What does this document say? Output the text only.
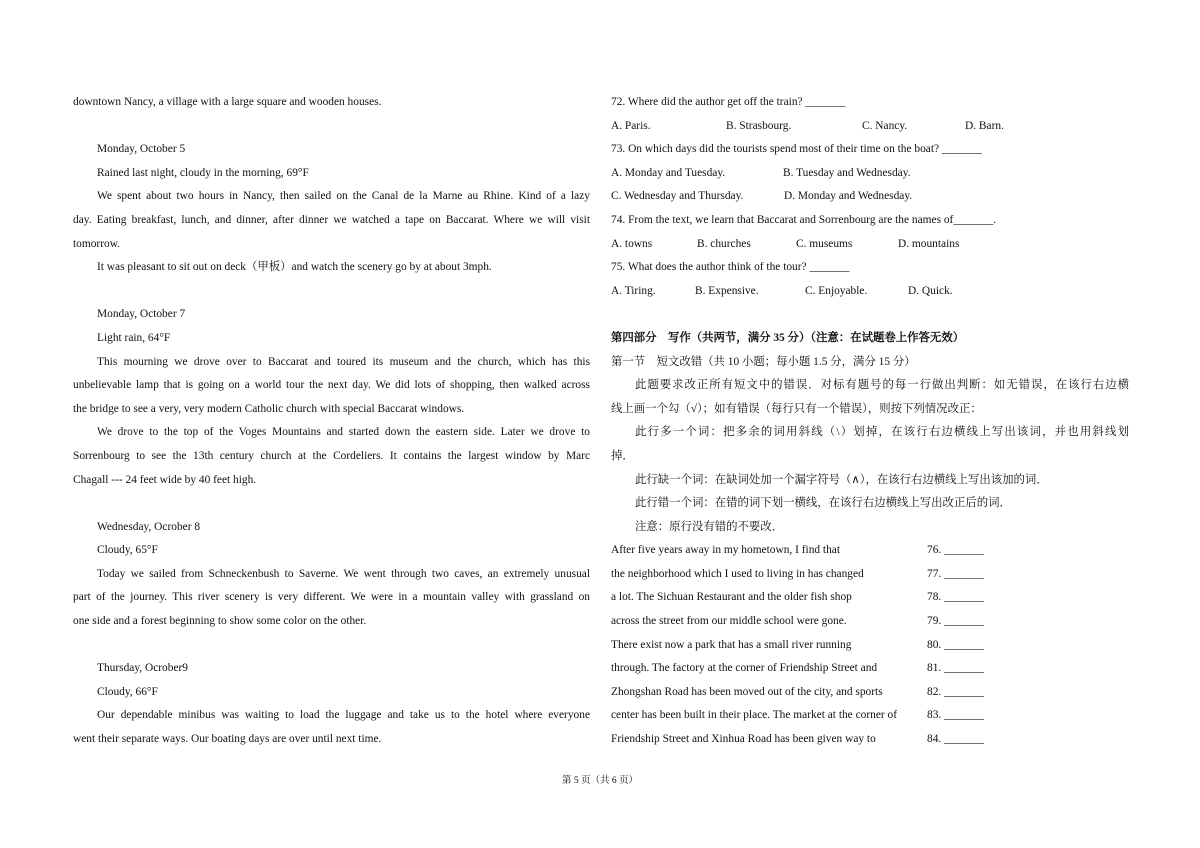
downtown Nancy, a village with a large square and wooden houses.
Monday, October 5
Rained last night, cloudy in the morning, 69°F
We spent about two hours in Nancy, then sailed on the Canal de la Marne au Rhine. Kind of a lazy
day. Eating breakfast, lunch, and dinner, after dinner we watched a tape on Baccarat. Where we will visit
tomorrow.
It was pleasant to sit out on deck（甲板）and watch the scenery go by at about 3mph.
Monday, October 7
Light rain, 64°F
This mourning we drove over to Baccarat and toured its museum and the church, which has this
unbelievable lamp that is going on a world tour the next day. We did lots of shopping, then walked across
the bridge to see a very, very modern Catholic church with special Baccarat windows.
We drove to the top of the Voges Mountains and started down the eastern side. Later we drove to
Sorrenbourg to see the 13th century church at the Cordeliers. It contains the largest window by Marc
Chagall --- 24 feet wide by 40 feet high.
Wednesday, Ocrober 8
Cloudy, 65°F
Today we sailed from Schneckenbush to Saverne. We went through two caves, an extremely unusual
part of the journey. This river scenery is very different. We were in a mountain valley with grassland on
one side and a forest beginning to show some color on the other.
Thursday, Ocrober9
Cloudy, 66°F
Our dependable minibus was waiting to load the luggage and take us to the hotel where everyone
went their separate ways. Our boating days are over until next time.
72. Where did the author get off the train? _______
A. Paris.	B. Strasbourg.	C. Nancy.	D. Barn.
73. On which days did the tourists spend most of their time on the boat? _______
A. Monday and Tuesday.	B. Tuesday and Wednesday.
C. Wednesday and Thursday.	D. Monday and Wednesday.
74. From the text, we learn that Baccarat and Sorrenbourg are the names of_______.
A. towns	B. churches	C. museums	D. mountains
75. What does the author think of the tour? _______
A. Tiring.	B. Expensive.	C. Enjoyable.	D. Quick.
第四部分　写作（共两节，满分 35 分）（注意：在试题卷上作答无效）
第一节　短文改错（共 10 小题；每小题 1.5 分，满分 15 分）
此题要求改正所有短文中的错误．对标有题号的每一行做出判断：如无错误，在该行右边横
线上画一个勾（√）；如有错误（每行只有一个错误），则按下列情况改正：
此行多一个词：把多余的词用斜线（\）划掉，在该行右边横线上写出该词，并也用斜线划
掉．
此行缺一个词：在缺词处加一个漏字符号（∧），在该行右边横线上写出该加的词．
此行错一个词：在错的词下划一横线，在该行右边横线上写出改正后的词．
注意：原行没有错的不要改．
After five years away in my hometown, I find that	76. _______
the neighborhood which I used to living in has changed	77. _______
a lot. The Sichuan Restaurant and the older fish shop	78. _______
across the street from our middle school were gone.	79. _______
There exist now a park that has a small river running	80. _______
through. The factory at the corner of Friendship Street and	81. _______
Zhongshan Road has been moved out of the city, and sports	82. _______
center has been built in their place. The market at the corner of	83. _______
Friendship Street and Xinhua Road has been given way to	84. _______
第 5 页（共 6 页）
